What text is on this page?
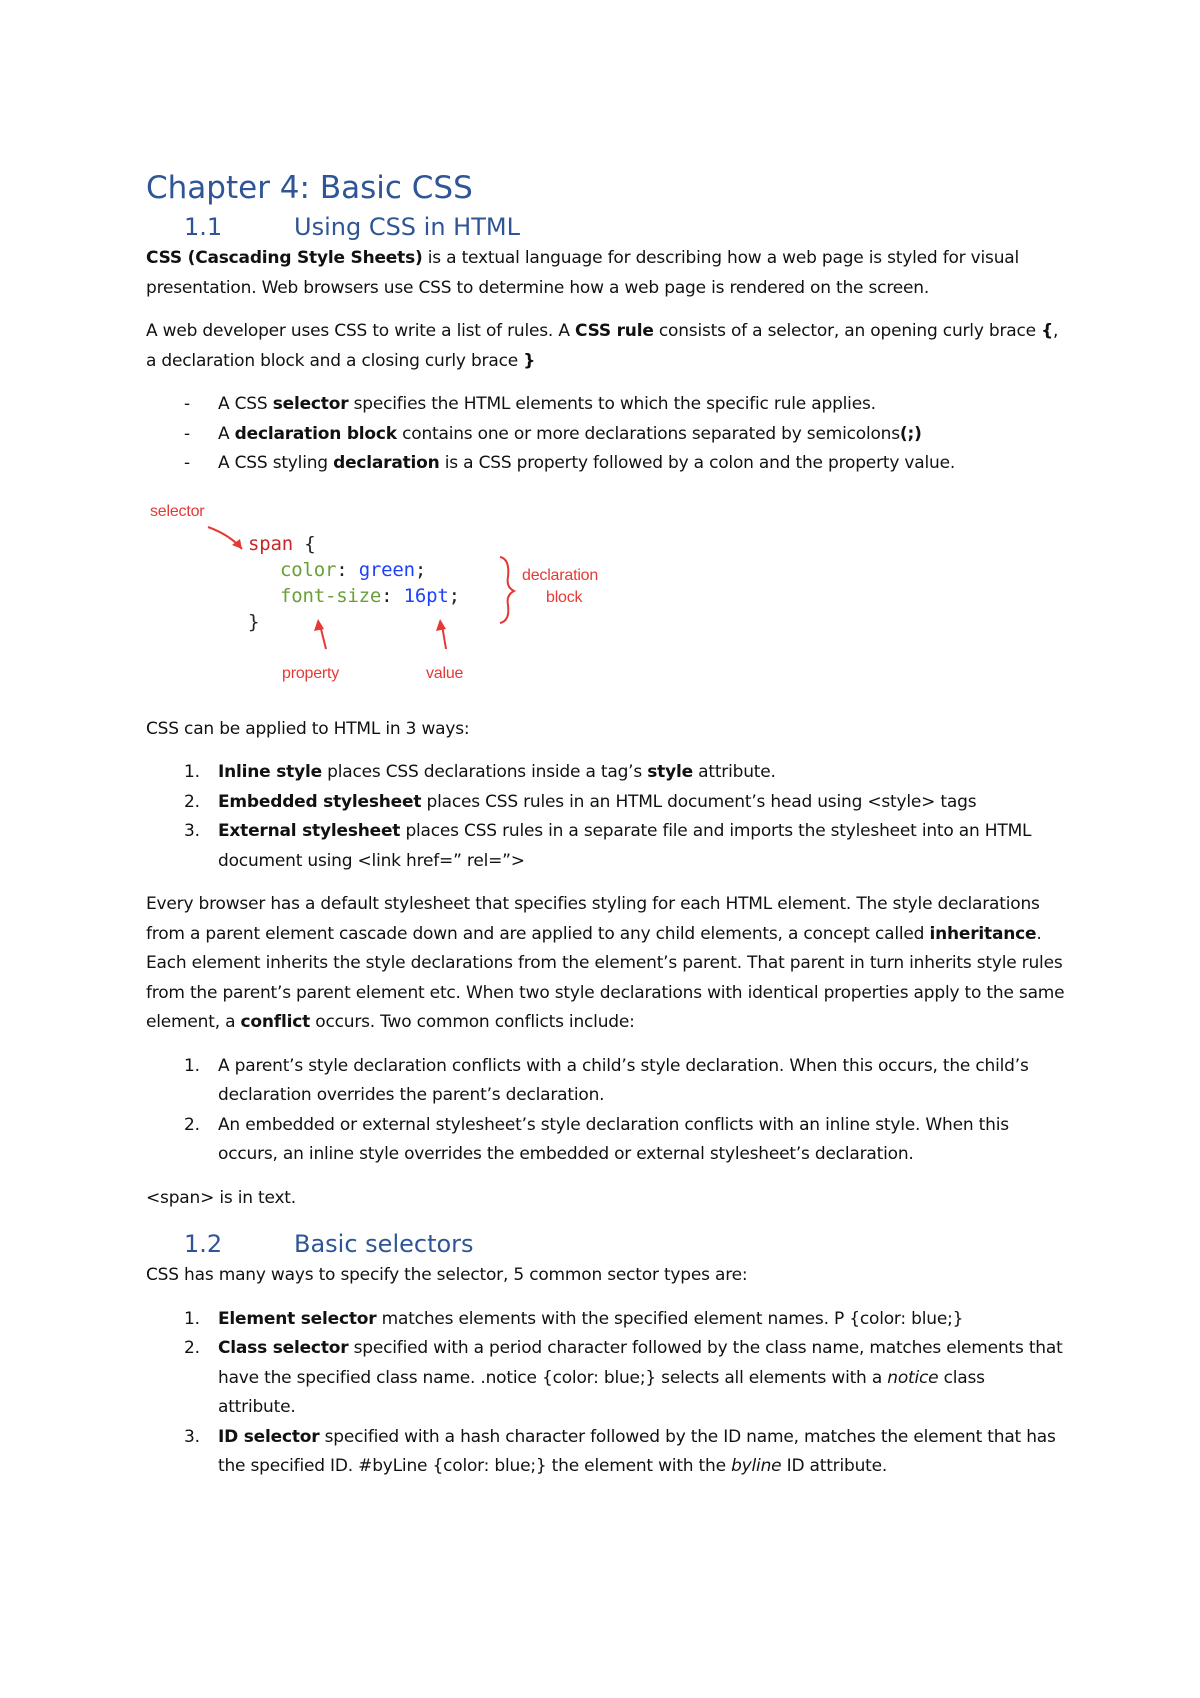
Chapter 4: Basic CSS
1.1	Using CSS in HTML

CSS (Cascading Style Sheets) is a textual language for describing how a web page is styled for visual presentation. Web browsers use CSS to determine how a web page is rendered on the screen.

A web developer uses CSS to write a list of rules. A CSS rule consists of a selector, an opening curly brace {, a declaration block and a closing curly brace }

- A CSS selector specifies the HTML elements to which the specific rule applies.
- A declaration block contains one or more declarations separated by semicolons(;)
- A CSS styling declaration is a CSS property followed by a colon and the property value.
selector
span {
color: green;
font-size: 16pt;
}
declaration
block
property	value

CSS can be applied to HTML in 3 ways:

1. Inline style places CSS declarations inside a tag’s style attribute.
2. Embedded stylesheet places CSS rules in an HTML document’s head using <style> tags
3. External stylesheet places CSS rules in a separate file and imports the stylesheet into an HTML document using <link href=” rel=”>

Every browser has a default stylesheet that specifies styling for each HTML element. The style declarations from a parent element cascade down and are applied to any child elements, a concept called inheritance. Each element inherits the style declarations from the element’s parent. That parent in turn inherits style rules from the parent’s parent element etc. When two style declarations with identical properties apply to the same element, a conflict occurs. Two common conflicts include:

1. A parent’s style declaration conflicts with a child’s style declaration. When this occurs, the child’s declaration overrides the parent’s declaration.
2. An embedded or external stylesheet’s style declaration conflicts with an inline style. When this occurs, an inline style overrides the embedded or external stylesheet’s declaration.

<span> is in text.

1.2	Basic selectors

CSS has many ways to specify the selector, 5 common sector types are:

1. Element selector matches elements with the specified element names. P {color: blue;}
2. Class selector specified with a period character followed by the class name, matches elements that have the specified class name. .notice {color: blue;} selects all elements with a notice class attribute.
3. ID selector specified with a hash character followed by the ID name, matches the element that has the specified ID. #byLine {color: blue;} the element with the byline ID attribute.
